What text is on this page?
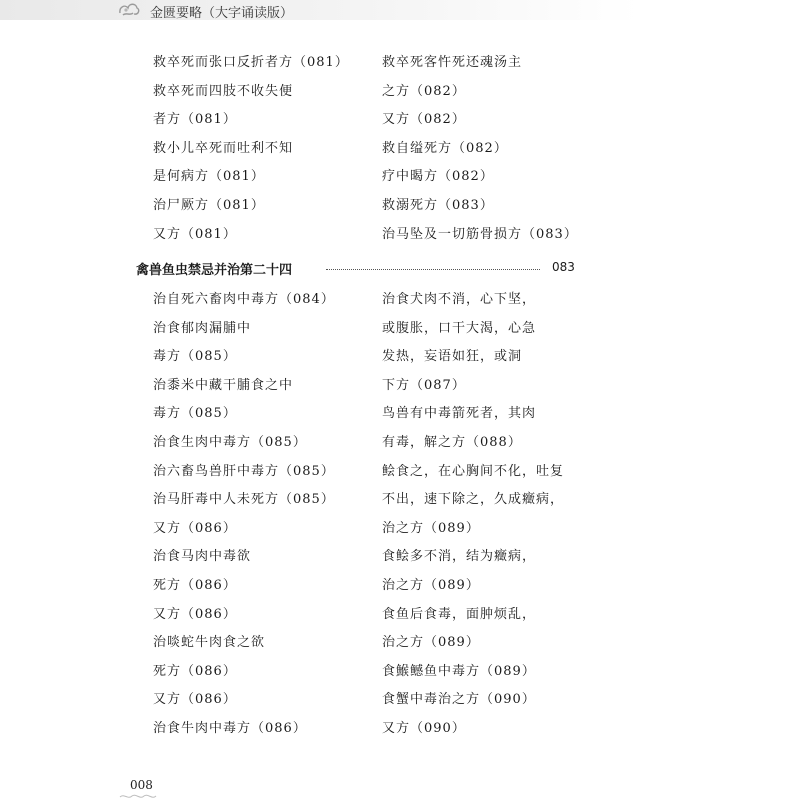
金匮要略（大字诵读版）
救卒死而张口反折者方（081）
救卒死而四肢不收失便
者方（081）
救小儿卒死而吐利不知
是何病方（081）
治尸厥方（081）
又方（081）
救卒死客忤死还魂汤主
之方（082）
又方（082）
救自缢死方（082）
疗中暍方（082）
救溺死方（083）
治马坠及一切筋骨损方（083）
禽兽鱼虫禁忌并治第二十四	083
治自死六畜肉中毒方（084）
治食郁肉漏脯中
毒方（085）
治黍米中藏干脯食之中
毒方（085）
治食生肉中毒方（085）
治六畜鸟兽肝中毒方（085）
治马肝毒中人未死方（085）
又方（086）
治食马肉中毒欲
死方（086）
又方（086）
治啖蛇牛肉食之欲
死方（086）
又方（086）
治食牛肉中毒方（086）
治食犬肉不消，心下坚，
或腹胀，口干大渴，心急
发热，妄语如狂，或洞
下方（087）
鸟兽有中毒箭死者，其肉
有毒，解之方（088）
鲙食之，在心胸间不化，吐复
不出，速下除之，久成癥病，
治之方（089）
食鲙多不消，结为癥病，
治之方（089）
食鱼后食毒，面肿烦乱，
治之方（089）
食鯸鳡鱼中毒方（089）
食蟹中毒治之方（090）
又方（090）
008
